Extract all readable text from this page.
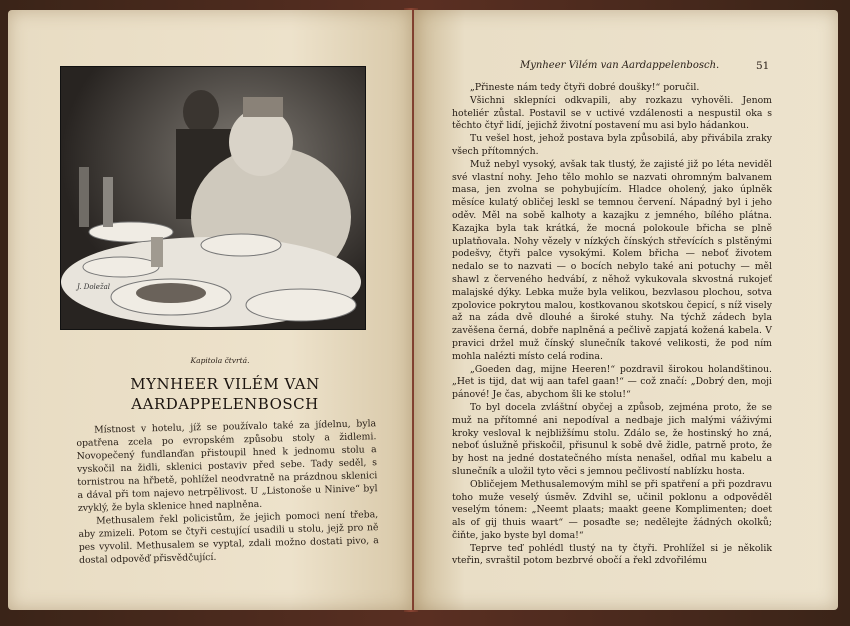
J. Doležal
Kapitola čtvrtá.
MYNHEER VILÉM VAN
AARDAPPELENBOSCH

Místnost v hotelu, jíž se používalo také za jídelnu, byla opatřena zcela po evropském způsobu stoly a židlemi. Novopečený fundlanďan přistoupil hned k jednomu stolu a vyskočil na židli, sklenici postaviv před sebe. Tady seděl, s tornistrou na hřbetě, pohlížel neodvratně na prázdnou sklenici a dával při tom najevo netrpělivost. U „Listonoše u Ninive“ byl zvyklý, že byla sklenice hned naplněna.

Methusalem řekl policistům, že jejich pomoci není třeba, aby zmizeli. Potom se čtyři cestující usadili u stolu, jejž pro ně pes vyvolil. Methusalem se vyptal, zdali možno dostati pivo, a dostal odpověď přisvědčující.

Mynheer Vilém van Aardappelenbosch.	51

„Přineste nám tedy čtyři dobré doušky!“ poručil.

Všichni sklepníci odkvapili, aby rozkazu vyhověli. Jenom hoteliér zůstal. Postavil se v uctivé vzdálenosti a nespustil oka s těchto čtyř lidí, jejichž životní postavení mu asi bylo hádankou.

Tu vešel host, jehož postava byla způsobilá, aby přivábila zraky všech přítomných.

Muž nebyl vysoký, avšak tak tlustý, že zajisté již po léta neviděl své vlastní nohy. Jeho tělo mohlo se nazvati ohromným balvanem masa, jen zvolna se pohybujícím. Hladce oholený, jako úplněk měsíce kulatý obličej leskl se temnou červení. Nápadný byl i jeho oděv. Měl na sobě kalhoty a kazajku z jemného, bílého plátna. Kazajka byla tak krátká, že mocná polokoule břicha se plně uplatňovala. Nohy vězely v nízkých čínských střevících s plstěnými podešvy, čtyři palce vysokými. Kolem břicha — neboť životem nedalo se to nazvati — o bocích nebylo také ani potuchy — měl shawl z červeného hedvábí, z něhož vykukovala skvostná rukojeť malajské dýky. Lebka muže byla velikou, bezvlasou plochou, sotva zpolovice pokrytou malou, kostkovanou skotskou čepicí, s níž visely až na záda dvě dlouhé a široké stuhy. Na týchž zádech byla zavěšena černá, dobře naplněná a pečlivě zapjatá kožená kabela. V pravici držel muž čínský slunečník takové velikosti, že pod ním mohla nalézti místo celá rodina.

„Goeden dag, mijne Heeren!“ pozdravil širokou holandštinou. „Het is tijd, dat wij aan tafel gaan!“ — což značí: „Dobrý den, moji pánové! Je čas, abychom šli ke stolu!“

To byl docela zvláštní obyčej a způsob, zejména proto, že se muž na přítomné ani nepodíval a nedbaje jich malými váživými kroky vesloval k nejbližšímu stolu. Zdálo se, že hostinský ho zná, neboť úslužně přiskočil, přisunul k sobě dvě židle, patrně proto, že by host na jedné dostatečného místa nenašel, odňal mu kabelu a slunečník a uložil tyto věci s jemnou pečlivostí nablízku hosta.

Obličejem Methusalemovým mihl se při spatření a při pozdravu toho muže veselý úsměv. Zdvihl se, učinil poklonu a odpověděl veselým tónem: „Neemt plaats; maakt geene Komplimenten; doet als of gij thuis waart“ — posaďte se; nedělejte žádných okolků; čiňte, jako byste byl doma!“

Teprve teď pohlédl tlustý na ty čtyři. Prohlížel si je několik vteřin, svraštil potom bezbrvé obočí a řekl zdvořilému
